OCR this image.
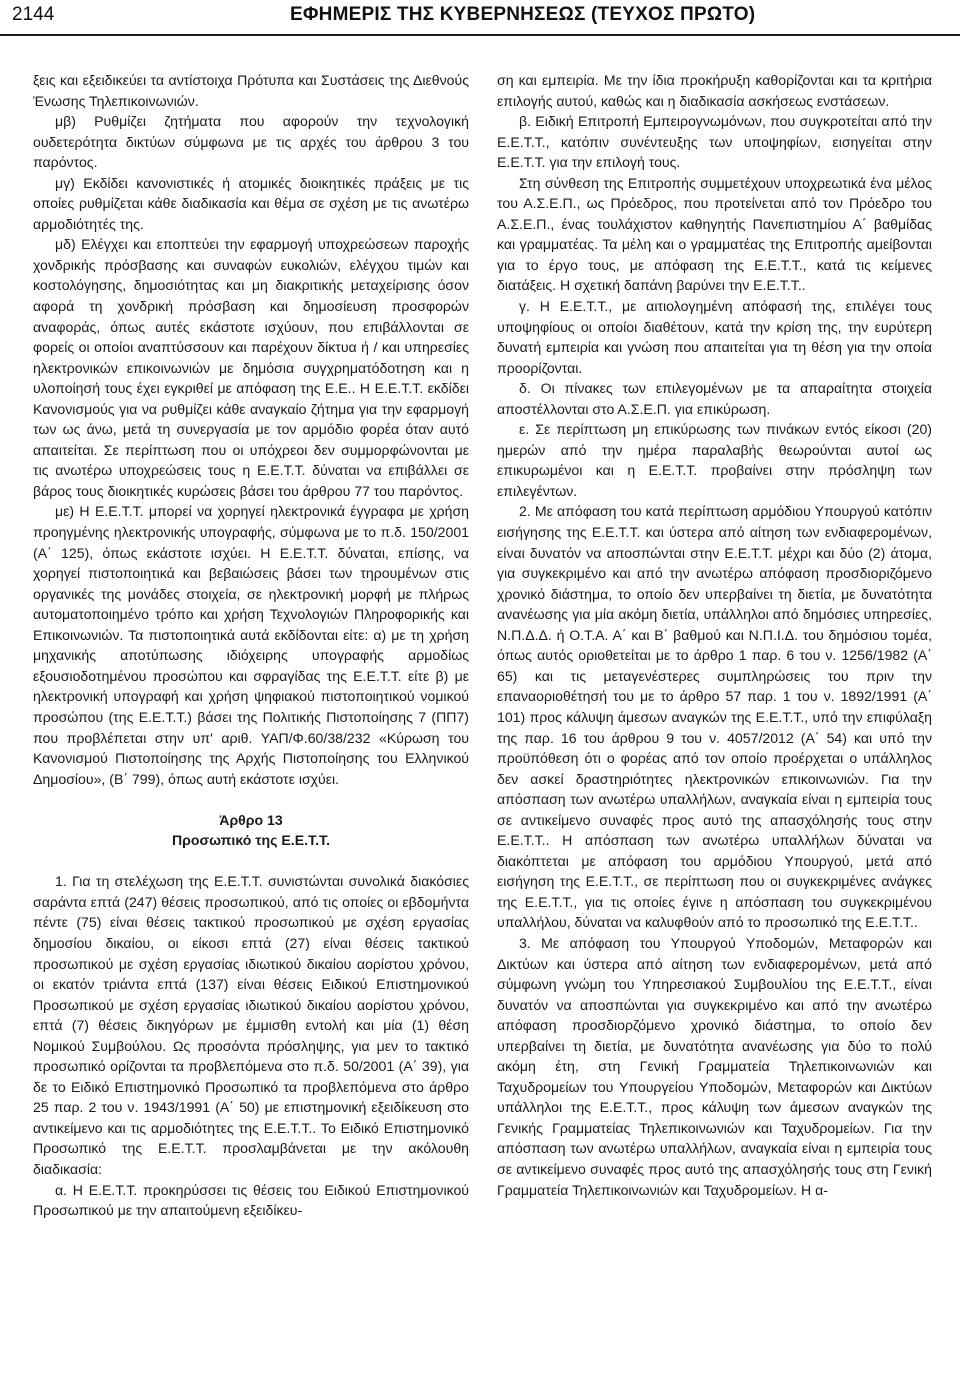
2144	ΕΦΗΜΕΡΙΣ ΤΗΣ ΚΥΒΕΡΝΗΣΕΩΣ (ΤΕΥΧΟΣ ΠΡΩΤΟ)

ξεις και εξειδικεύει τα αντίστοιχα Πρότυπα και Συστάσεις της Διεθνούς Ένωσης Τηλεπικοινωνιών.

μβ) Ρυθμίζει ζητήματα που αφορούν την τεχνολογική ουδετερότητα δικτύων σύμφωνα με τις αρχές του άρθρου 3 του παρόντος.

μγ) Εκδίδει κανονιστικές ή ατομικές διοικητικές πράξεις με τις οποίες ρυθμίζεται κάθε διαδικασία και θέμα σε σχέση με τις ανωτέρω αρμοδιότητές της.

μδ) Ελέγχει και εποπτεύει την εφαρμογή υποχρεώσεων παροχής χονδρικής πρόσβασης και συναφών ευκολιών, ελέγχου τιμών και κοστολόγησης, δημοσιότητας και μη διακριτικής μεταχείρισης όσον αφορά τη χονδρική πρόσβαση και δημοσίευση προσφορών αναφοράς, όπως αυτές εκάστοτε ισχύουν, που επιβάλλονται σε φορείς οι οποίοι αναπτύσσουν και παρέχουν δίκτυα ή / και υπηρεσίες ηλεκτρονικών επικοινωνιών με δημόσια συγχρηματόδοτηση και η υλοποίησή τους έχει εγκριθεί με απόφαση της Ε.Ε.. Η Ε.Ε.Τ.Τ. εκδίδει Κανονισμούς για να ρυθμίζει κάθε αναγκαίο ζήτημα για την εφαρμογή των ως άνω, μετά τη συνεργασία με τον αρμόδιο φορέα όταν αυτό απαιτείται. Σε περίπτωση που οι υπόχρεοι δεν συμμορφώνονται με τις ανωτέρω υποχρεώσεις τους η Ε.Ε.Τ.Τ. δύναται να επιβάλλει σε βάρος τους διοικητικές κυρώσεις βάσει του άρθρου 77 του παρόντος.

με) Η Ε.Ε.Τ.Τ. μπορεί να χορηγεί ηλεκτρονικά έγγραφα με χρήση προηγμένης ηλεκτρονικής υπογραφής, σύμφωνα με το π.δ. 150/2001 (Α΄ 125), όπως εκάστοτε ισχύει. Η Ε.Ε.Τ.Τ. δύναται, επίσης, να χορηγεί πιστοποιητικά και βεβαιώσεις βάσει των τηρουμένων στις οργανικές της μονάδες στοιχεία, σε ηλεκτρονική μορφή με πλήρως αυτοματοποιημένο τρόπο και χρήση Τεχνολογιών Πληροφορικής και Επικοινωνιών. Τα πιστοποιητικά αυτά εκδίδονται είτε: α) με τη χρήση μηχανικής αποτύπωσης ιδιόχειρης υπογραφής αρμοδίως εξουσιοδοτημένου προσώπου και σφραγίδας της Ε.Ε.Τ.Τ. είτε β) με ηλεκτρονική υπογραφή και χρήση ψηφιακού πιστοποιητικού νομικού προσώπου (της Ε.Ε.Τ.Τ.) βάσει της Πολιτικής Πιστοποίησης 7 (ΠΠ7) που προβλέπεται στην υπ' αριθ. ΥΑΠ/Φ.60/38/232 «Κύρωση του Κανονισμού Πιστοποίησης της Αρχής Πιστοποίησης του Ελληνικού Δημοσίου», (Β΄ 799), όπως αυτή εκάστοτε ισχύει.

Άρθρο 13

Προσωπικό της Ε.Ε.Τ.Τ.

1. Για τη στελέχωση της Ε.Ε.Τ.Τ. συνιστώνται συνολικά διακόσιες σαράντα επτά (247) θέσεις προσωπικού, από τις οποίες οι εβδομήντα πέντε (75) είναι θέσεις τακτικού προσωπικού με σχέση εργασίας δημοσίου δικαίου, οι είκοσι επτά (27) είναι θέσεις τακτικού προσωπικού με σχέση εργασίας ιδιωτικού δικαίου αορίστου χρόνου, οι εκατόν τριάντα επτά (137) είναι θέσεις Ειδικού Επιστημονικού Προσωπικού με σχέση εργασίας ιδιωτικού δικαίου αορίστου χρόνου, επτά (7) θέσεις δικηγόρων με έμμισθη εντολή και μία (1) θέση Νομικού Συμβούλου. Ως προσόντα πρόσληψης, για μεν το τακτικό προσωπικό ορίζονται τα προβλεπόμενα στο π.δ. 50/2001 (Α΄ 39), για δε το Ειδικό Επιστημονικό Προσωπικό τα προβλεπόμενα στο άρθρο 25 παρ. 2 του ν. 1943/1991 (Α΄ 50) με επιστημονική εξειδίκευση στο αντικείμενο και τις αρμοδιότητες της Ε.Ε.Τ.Τ.. Το Ειδικό Επιστημονικό Προσωπικό της Ε.Ε.Τ.Τ. προσλαμβάνεται με την ακόλουθη διαδικασία:

α. Η Ε.Ε.Τ.Τ. προκηρύσσει τις θέσεις του Ειδικού Επιστημονικού Προσωπικού με την απαιτούμενη εξειδίκευ-

ση και εμπειρία. Με την ίδια προκήρυξη καθορίζονται και τα κριτήρια επιλογής αυτού, καθώς και η διαδικασία ασκήσεως ενστάσεων.

β. Ειδική Επιτροπή Εμπειρογνωμόνων, που συγκροτείται από την Ε.Ε.Τ.Τ., κατόπιν συνέντευξης των υποψηφίων, εισηγείται στην Ε.Ε.Τ.Τ. για την επιλογή τους.

Στη σύνθεση της Επιτροπής συμμετέχουν υποχρεωτικά ένα μέλος του Α.Σ.Ε.Π., ως Πρόεδρος, που προτείνεται από τον Πρόεδρο του Α.Σ.Ε.Π., ένας τουλάχιστον καθηγητής Πανεπιστημίου Α΄ βαθμίδας και γραμματέας. Τα μέλη και ο γραμματέας της Επιτροπής αμείβονται για το έργο τους, με απόφαση της Ε.Ε.Τ.Τ., κατά τις κείμενες διατάξεις. Η σχετική δαπάνη βαρύνει την Ε.Ε.Τ.Τ..

γ. Η Ε.Ε.Τ.Τ., με αιτιολογημένη απόφασή της, επιλέγει τους υποψηφίους οι οποίοι διαθέτουν, κατά την κρίση της, την ευρύτερη δυνατή εμπειρία και γνώση που απαιτείται για τη θέση για την οποία προορίζονται.

δ. Οι πίνακες των επιλεγομένων με τα απαραίτητα στοιχεία αποστέλλονται στο Α.Σ.Ε.Π. για επικύρωση.

ε. Σε περίπτωση μη επικύρωσης των πινάκων εντός είκοσι (20) ημερών από την ημέρα παραλαβής θεωρούνται αυτοί ως επικυρωμένοι και η Ε.Ε.Τ.Τ. προβαίνει στην πρόσληψη των επιλεγέντων.

2. Με απόφαση του κατά περίπτωση αρμόδιου Υπουργού κατόπιν εισήγησης της Ε.Ε.Τ.Τ. και ύστερα από αίτηση των ενδιαφερομένων, είναι δυνατόν να αποσπώνται στην Ε.Ε.Τ.Τ. μέχρι και δύο (2) άτομα, για συγκεκριμένο και από την ανωτέρω απόφαση προσδιοριζόμενο χρονικό διάστημα, το οποίο δεν υπερβαίνει τη διετία, με δυνατότητα ανανέωσης για μία ακόμη διετία, υπάλληλοι από δημόσιες υπηρεσίες, Ν.Π.Δ.Δ. ή Ο.Τ.Α. Α΄ και Β΄ βαθμού και Ν.Π.Ι.Δ. του δημόσιου τομέα, όπως αυτός οριοθετείται με το άρθρο 1 παρ. 6 του ν. 1256/1982 (Α΄ 65) και τις μεταγενέστερες συμπληρώσεις του πριν την επαναοριοθέτησή του με το άρθρο 57 παρ. 1 του ν. 1892/1991 (Α΄ 101) προς κάλυψη άμεσων αναγκών της Ε.Ε.Τ.Τ., υπό την επιφύλαξη της παρ. 16 του άρθρου 9 του ν. 4057/2012 (Α΄ 54) και υπό την προϋπόθεση ότι ο φορέας από τον οποίο προέρχεται ο υπάλληλος δεν ασκεί δραστηριότητες ηλεκτρονικών επικοινωνιών. Για την απόσπαση των ανωτέρω υπαλλήλων, αναγκαία είναι η εμπειρία τους σε αντικείμενο συναφές προς αυτό της απασχόλησής τους στην Ε.Ε.Τ.Τ.. Η απόσπαση των ανωτέρω υπαλλήλων δύναται να διακόπτεται με απόφαση του αρμόδιου Υπουργού, μετά από εισήγηση της Ε.Ε.Τ.Τ., σε περίπτωση που οι συγκεκριμένες ανάγκες της Ε.Ε.Τ.Τ., για τις οποίες έγινε η απόσπαση του συγκεκριμένου υπαλλήλου, δύναται να καλυφθούν από το προσωπικό της Ε.Ε.Τ.Τ..

3. Με απόφαση του Υπουργού Υποδομών, Μεταφορών και Δικτύων και ύστερα από αίτηση των ενδιαφερομένων, μετά από σύμφωνη γνώμη του Υπηρεσιακού Συμβουλίου της Ε.Ε.Τ.Τ., είναι δυνατόν να αποσπώνται για συγκεκριμένο και από την ανωτέρω απόφαση προσδιορζόμενο χρονικό διάστημα, το οποίο δεν υπερβαίνει τη διετία, με δυνατότητα ανανέωσης για δύο το πολύ ακόμη έτη, στη Γενική Γραμματεία Τηλεπικοινωνιών και Ταχυδρομείων του Υπουργείου Υποδομών, Μεταφορών και Δικτύων υπάλληλοι της Ε.Ε.Τ.Τ., προς κάλυψη των άμεσων αναγκών της Γενικής Γραμματείας Τηλεπικοινωνιών και Ταχυδρομείων. Για την απόσπαση των ανωτέρω υπαλλήλων, αναγκαία είναι η εμπειρία τους σε αντικείμενο συναφές προς αυτό της απασχόλησής τους στη Γενική Γραμματεία Τηλεπικοινωνιών και Ταχυδρομείων. Η α-
